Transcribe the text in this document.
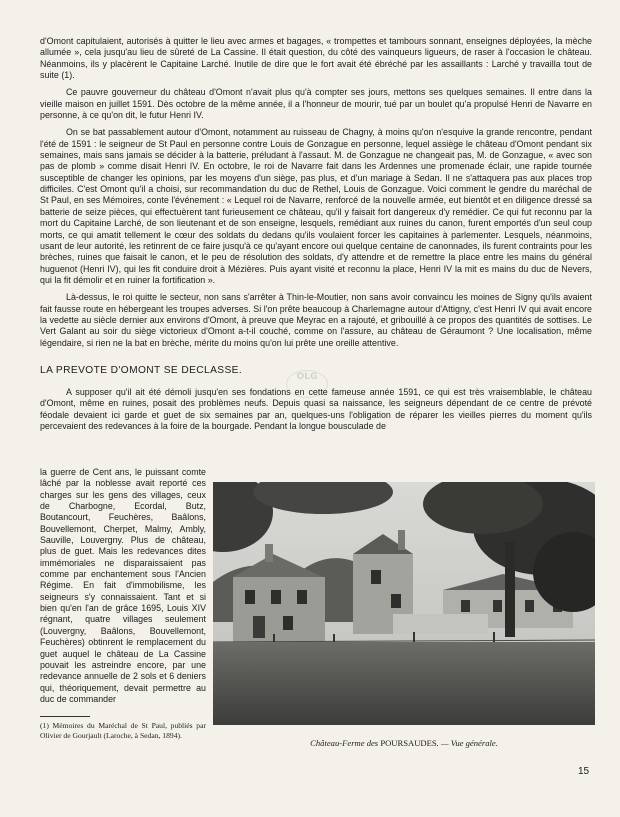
d'Omont capitulaient, autorisés à quitter le lieu avec armes et bagages, « trompettes et tambours sonnant, enseignes déployées, la mèche allumée », cela jusqu'au lieu de sûreté de La Cassine. Il était question, du côté des vainqueurs ligueurs, de raser à l'occasion le château. Néanmoins, ils y placèrent le Capitaine Larché. Inutile de dire que le fort avait été ébréché par les assaillants : Larché y travailla tout de suite (1).

Ce pauvre gouverneur du château d'Omont n'avait plus qu'à compter ses jours, mettons ses quelques semaines. Il entre dans la vieille maison en juillet 1591. Dès octobre de la même année, il a l'honneur de mourir, tué par un boulet qu'a propulsé Henri de Navarre en personne, à ce qu'on dit, le futur Henri IV.

On se bat passablement autour d'Omont, notamment au ruisseau de Chagny, à moins qu'on n'esquive la grande rencontre, pendant l'été de 1591 : le seigneur de St Paul en personne contre Louis de Gonzague en personne, lequel assiège le château d'Omont pendant six semaines, mais sans jamais se décider à la batterie, préludant à l'assaut. M. de Gonzague ne changeait pas, M. de Gonzague, « avec son pas de plomb » comme disait Henri IV. En octobre, le roi de Navarre fait dans les Ardennes une promenade éclair, une rapide tournée susceptible de changer les opinions, par les moyens d'un siège, pas plus, et d'un mariage à Sedan. Il ne s'attaquera pas aux places trop difficiles. C'est Omont qu'il a choisi, sur recommandation du duc de Rethel, Louis de Gonzague. Voici comment le gendre du maréchal de St Paul, en ses Mémoires, conte l'événement : « Lequel roi de Navarre, renforcé de la nouvelle armée, eut bientôt et en diligence dressé sa batterie de seize pièces, qui effectuèrent tant furieusement ce château, qu'il y faisait fort dangereux d'y remédier. Ce qui fut reconnu par la mort du Capitaine Larché, de son lieutenant et de son enseigne, lesquels, remédiant aux ruines du canon, furent emportés d'un seul coup morts, ce qui amatit tellement le cœur des soldats du dedans qu'ils voulaient forcer les capitaines à parlementer. Lesquels, néanmoins, usant de leur autorité, les retinrent de ce faire jusqu'à ce qu'ayant encore oui quelque centaine de canonnades, ils furent contraints pour les brèches, ruines que faisait le canon, et le peu de résolution des soldats, d'y attendre et de remettre la place entre les mains du général huguenot (Henri IV), qui les fit conduire droit à Mézières. Puis ayant visité et reconnu la place, Henri IV la mit es mains du duc de Nevers, qui la fit démolir et en ruiner la fortification ».

Là-dessus, le roi quitte le secteur, non sans s'arrêter à Thin-le-Moutier, non sans avoir convaincu les moines de Signy qu'ils avaient fait fausse route en hébergeant les troupes adverses. Si l'on prête beaucoup à Charlemagne autour d'Attigny, c'est Henri IV qui avait encore la vedette au siècle dernier aux environs d'Omont, à preuve que Meyrac en a rajouté, et gribouillé à ce propos des quantités de sottises. Le Vert Galant au soir du siège victorieux d'Omont a-t-il couché, comme on l'assure, au château de Géraumont ? Une localisation, même légendaire, si rien ne la bat en brèche, mérite du moins qu'on lui prête une oreille attentive.

LA PREVOTE D'OMONT SE DECLASSE.
OLG

A supposer qu'il ait été démoli jusqu'en ses fondations en cette fameuse année 1591, ce qui est très vraisemblable, le château d'Omont, même en ruines, posait des problèmes neufs. Depuis quasi sa naissance, les seigneurs dépendant de ce centre de prévoté féodale devaient ici garde et guet de six semaines par an, quelques-uns l'obligation de réparer les vieilles pierres du moment qu'ils percevaient des redevances à la foire de la bourgade. Pendant la longue bousculade de

la guerre de Cent ans, le puissant comte lâché par la noblesse avait reporté ces charges sur les gens des villages, ceux de Charbogne, Ecordal, Butz, Boutancourt, Feuchères, Baâlons, Bouvellemont, Cherpet, Malmy, Ambly, Sauville, Louvergny. Plus de château, plus de guet. Mais les redevances dites immémoriales ne disparaissaient pas comme par enchantement sous l'Ancien Régime. En fait d'immobilisme, les seigneurs s'y connaissaient. Tant et si bien qu'en l'an de grâce 1695, Louis XIV régnant, quatre villages seulement (Louvergny, Baâlons, Bouvellemont, Feuchères) obtinrent le remplacement du guet auquel le château de La Cassine pouvait les astreindre encore, par une redevance annuelle de 2 sols et 6 deniers qui, théoriquement, devait permettre au duc de commander
Château-Ferme des POURSAUDES. — Vue générale.
(1) Mémoires du Maréchal de St Paul, publiés par Olivier de Gourjault (Laroche, à Sedan, 1894).
15
